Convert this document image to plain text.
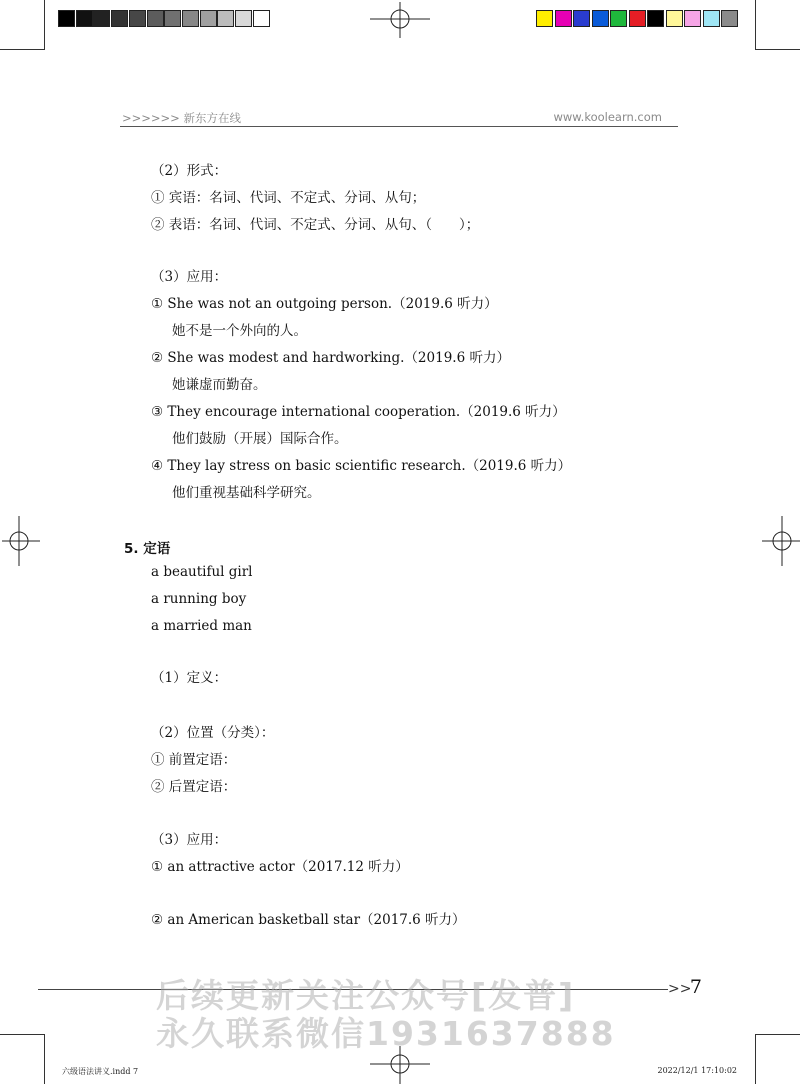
>>>>>> 新东方在线	www.koolearn.com
（2）形式：
① 宾语：名词、代词、不定式、分词、从句；
② 表语：名词、代词、不定式、分词、从句、（　　）；
（3）应用：
① She was not an outgoing person.（2019.6 听力）
她不是一个外向的人。
② She was modest and hardworking.（2019.6 听力）
她谦虚而勤奋。
③ They encourage international cooperation.（2019.6 听力）
他们鼓励（开展）国际合作。
④ They lay stress on basic scientific research.（2019.6 听力）
他们重视基础科学研究。
5. 定语
a beautiful girl
a running boy
a married man
（1）定义：
（2）位置（分类）：
① 前置定语：
② 后置定语：
（3）应用：
① an attractive actor（2017.12 听力）
② an American basketball star（2017.6 听力）
>>
7
后续更新关注公众号[发普]
永久联系微信1931637888
六级语法讲义.indd 7	2022/12/1 17:10:02
